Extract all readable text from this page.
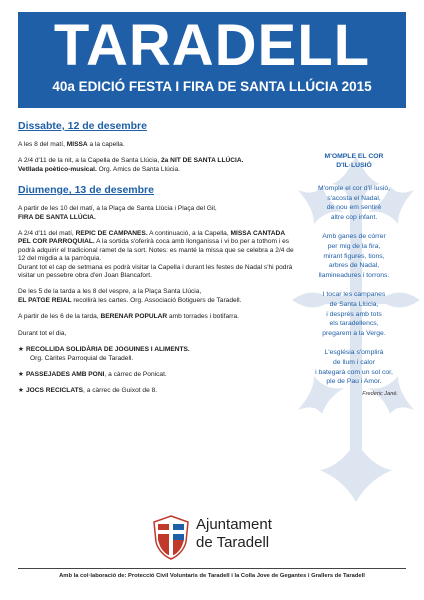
TARADELL
40a EDICIÓ FESTA I FIRA DE SANTA LLÚCIA 2015
Dissabte, 12 de desembre
A les 8 del matí, MISSA a la capella.
A 2/4 d'11 de la nit, a la Capella de Santa Llúcia, 2a NIT DE SANTA LLÚCIA.
Vetllada poètico-musical. Org. Amics de Santa Llúcia.
Diumenge, 13 de desembre
A partir de les 10 del matí, a la Plaça de Santa Llúcia i Plaça del Gil,
FIRA DE SANTA LLÚCIA.
A 2/4 d'11 del matí, REPIC DE CAMPANES. A continuació, a la Capella, MISSA CANTADA PEL COR PARROQUIAL. A la sortida s'oferirà coca amb llonganissa i vi bo per a tothom i es podrà adquirir el tradicional ramet de la sort. Notes: es manté la missa que se celebra a 2/4 de 12 del migdia a la parròquia.
Durant tot el cap de setmana es podrà visitar la Capella i durant les festes de Nadal s'hi podrà visitar un pessebre obra d'en Joan Blancafort.
De les 5 de la tarda a les 8 del vespre, a la Plaça Santa Llúcia,
EL PATGE REIAL recollirà les cartes. Org. Associació Botiguers de Taradell.
A partir de les 6 de la tarda, BERENAR POPULAR amb torrades i botifarra.
Durant tot el dia,
★ RECOLLIDA SOLIDÀRIA DE JOGUINES I ALIMENTS.
Org. Càrites Parroquial de Taradell.
★ PASSEJADES AMB PONI, a càrrec de Ponicat.
★ JOCS RECICLATS, a càrrec de Guixot de 8.
M'OMPLE EL COR
D'IL·LUSIÓ
M'omple el cor d'il·lusió,
s'acosta el Nadal,
de nou em sentiré
altre cop infant.
Amb ganes de córrer
per mig de la fira,
mirant figures, tions,
arbres de Nadal,
llamineadures i torrons.
I tocar les campanes
de Santa Llúcia,
i després amb tots
els taradellencs,
pregarem a la Verge.
L'església s'omplirà
de llum i calor
i bategarà com un sol cor,
ple de Pau i Amor.
Frederic Jané.
Ajuntament
de Taradell
Amb la col·laboració de: Protecció Civil Voluntaris de Taradell i la Colla Jove de Gegantes i Grallers de Taradell
